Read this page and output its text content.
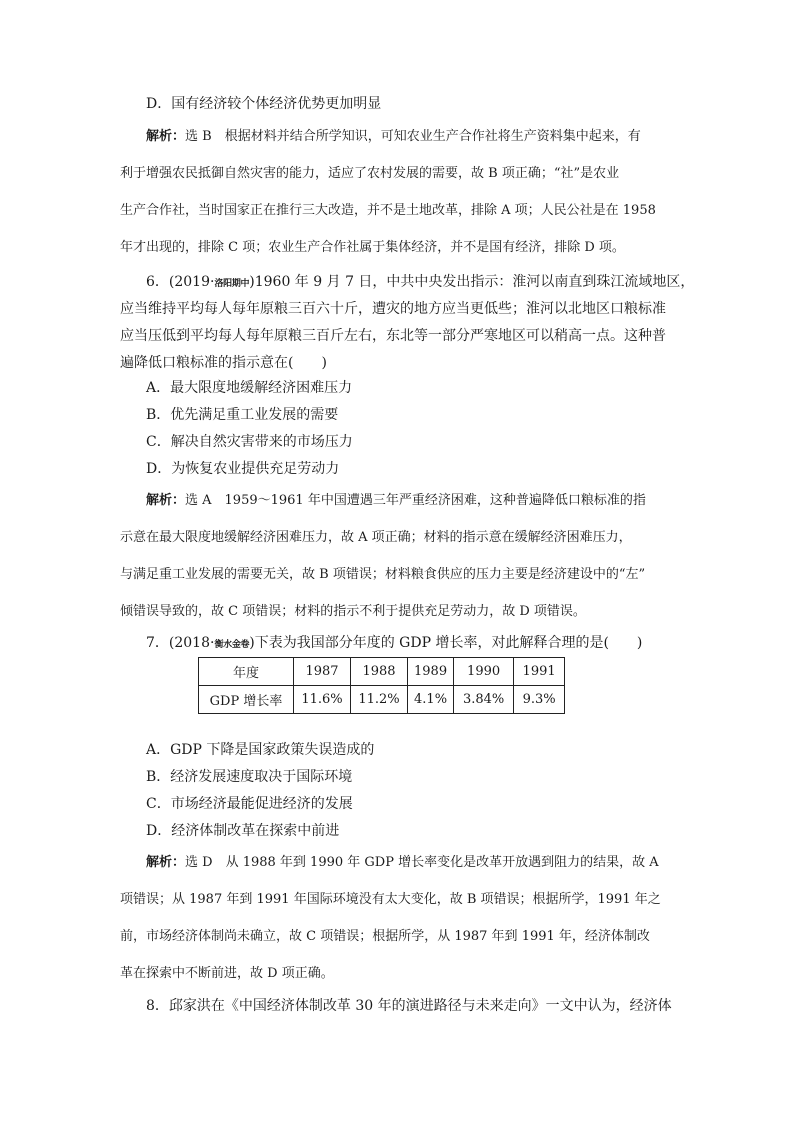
D．国有经济较个体经济优势更加明显
解析：选 B　根据材料并结合所学知识，可知农业生产合作社将生产资料集中起来，有
利于增强农民抵御自然灾害的能力，适应了农村发展的需要，故 B 项正确；“社”是农业
生产合作社，当时国家正在推行三大改造，并不是土地改革，排除 A 项；人民公社是在 1958
年才出现的，排除 C 项；农业生产合作社属于集体经济，并不是国有经济，排除 D 项。
6．(2019·洛阳期中)1960 年 9 月 7 日，中共中央发出指示：淮河以南直到珠江流域地区，
应当维持平均每人每年原粮三百六十斤，遭灾的地方应当更低些；淮河以北地区口粮标准
应当压低到平均每人每年原粮三百斤左右，东北等一部分严寒地区可以稍高一点。这种普
遍降低口粮标准的指示意在(　　)
A．最大限度地缓解经济困难压力
B．优先满足重工业发展的需要
C．解决自然灾害带来的市场压力
D．为恢复农业提供充足劳动力
解析：选 A　1959～1961 年中国遭遇三年严重经济困难，这种普遍降低口粮标准的指
示意在最大限度地缓解经济困难压力，故 A 项正确；材料的指示意在缓解经济困难压力，
与满足重工业发展的需要无关，故 B 项错误；材料粮食供应的压力主要是经济建设中的“左”
倾错误导致的，故 C 项错误；材料的指示不利于提供充足劳动力，故 D 项错误。
7．(2018·衡水金卷)下表为我国部分年度的 GDP 增长率，对此解释合理的是(　　)
年度	1987	1988	1989	1990	1991
GDP 增长率	11.6%	11.2%	4.1%	3.84%	9.3%
A．GDP 下降是国家政策失误造成的
B．经济发展速度取决于国际环境
C．市场经济最能促进经济的发展
D．经济体制改革在探索中前进
解析：选 D　从 1988 年到 1990 年 GDP 增长率变化是改革开放遇到阻力的结果，故 A
项错误；从 1987 年到 1991 年国际环境没有太大变化，故 B 项错误；根据所学，1991 年之
前，市场经济体制尚未确立，故 C 项错误；根据所学，从 1987 年到 1991 年，经济体制改
革在探索中不断前进，故 D 项正确。
8．邱家洪在《中国经济体制改革 30 年的演进路径与未来走向》一文中认为，经济体
